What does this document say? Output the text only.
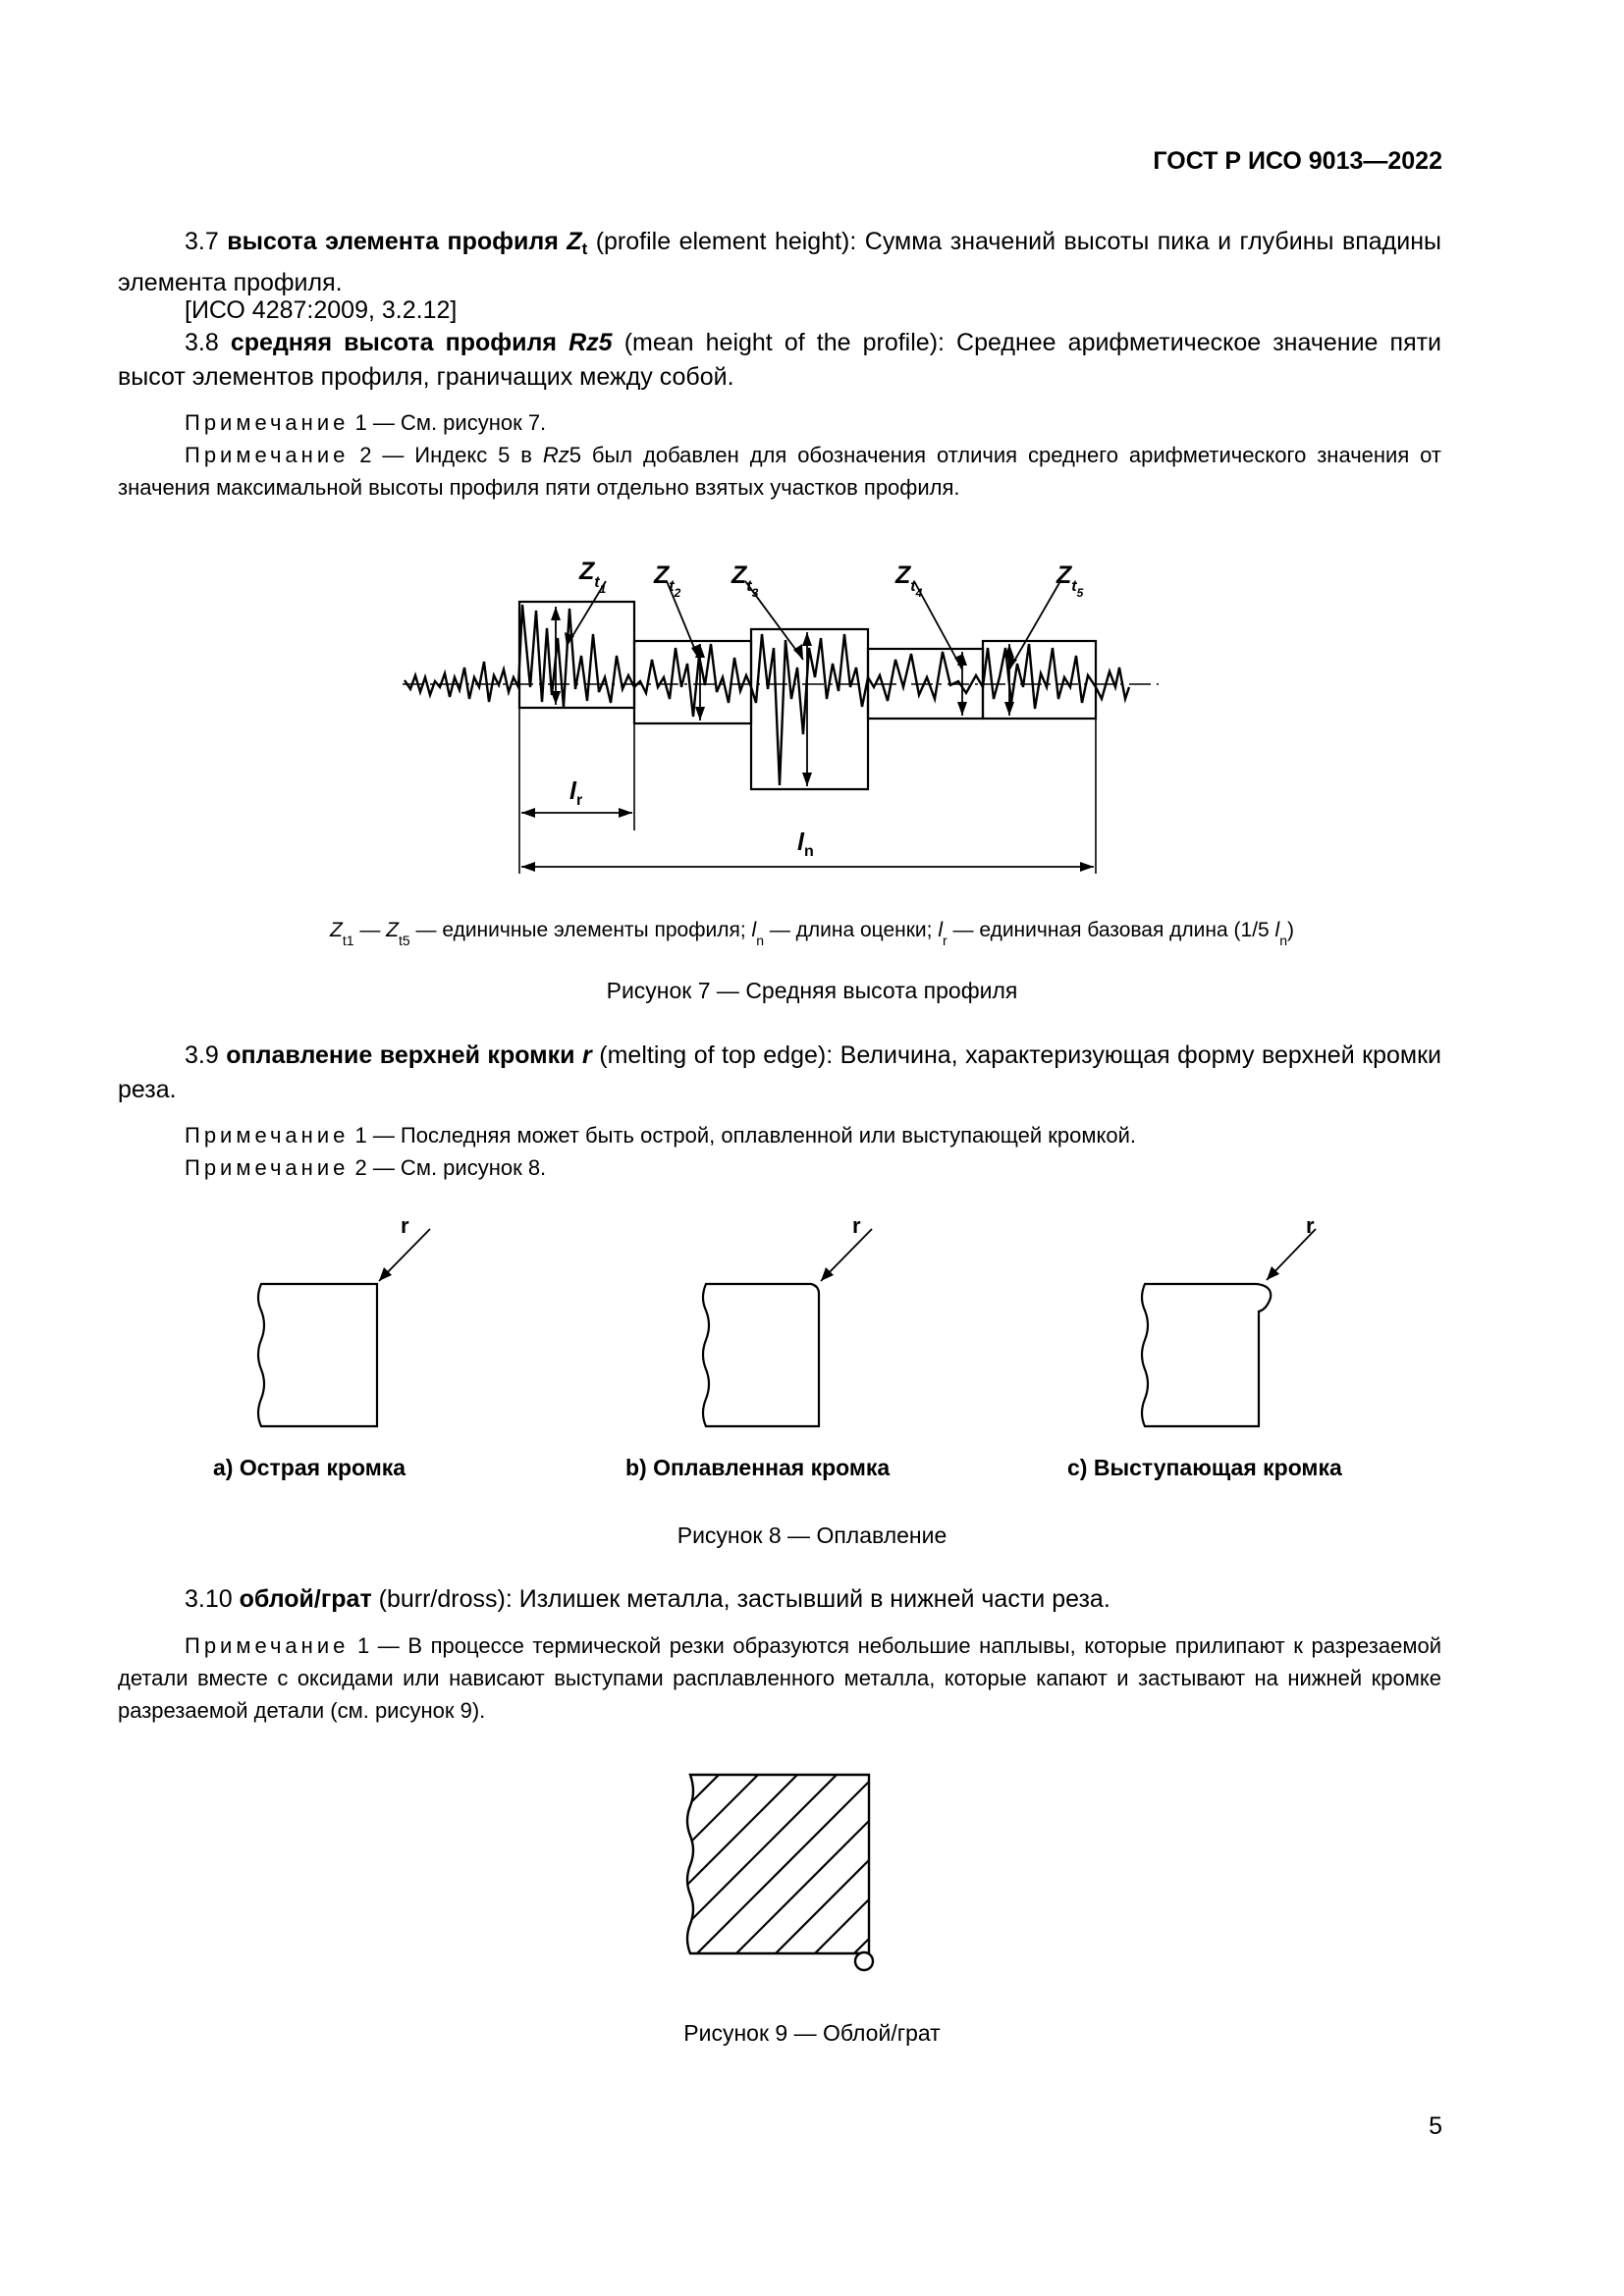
ГОСТ Р ИСО 9013—2022
3.7 высота элемента профиля $Z_t$ (profile element height): Сумма значений высоты пика и глубины впадины элемента профиля.
[ИСО 4287:2009, 3.2.12]
3.8 средняя высота профиля Rz5 (mean height of the profile): Среднее арифметическое значение пяти высот элементов профиля, граничащих между собой.
Примечание 1 — См. рисунок 7.
Примечание 2 — Индекс 5 в Rz5 был добавлен для обозначения отличия среднего арифметического значения от значения максимальной высоты профиля пяти отдельно взятых участков профиля.
$Z_{t1}$ $Z_{t2}$
$Z_{t3}$
$Z_{t4}$
$Z_{t5}$
$l_r$
$l_n$
$Z_{t1}$ — $Z_{t5}$ — единичные элементы профиля; $l_n$ — длина оценки; $l_r$ — единичная базовая длина (1/5 $l_n$)
Рисунок 7 — Средняя высота профиля
3.9 оплавление верхней кромки r (melting of top edge): Величина, характеризующая форму верхней кромки реза.
Примечание 1 — Последняя может быть острой, оплавленной или выступающей кромкой.
Примечание 2 — См. рисунок 8.
r	r	r
a) Острая кромка	b) Оплавленная кромка	c) Выступающая кромка
Рисунок 8 — Оплавление
3.10 облой/грат (burr/dross): Излишек металла, застывший в нижней части реза.
Примечание 1 — В процессе термической резки образуются небольшие наплывы, которые прилипают к разрезаемой детали вместе с оксидами или нависают выступами расплавленного металла, которые капают и застывают на нижней кромке разрезаемой детали (см. рисунок 9).
Рисунок 9 — Облой/грат
5
